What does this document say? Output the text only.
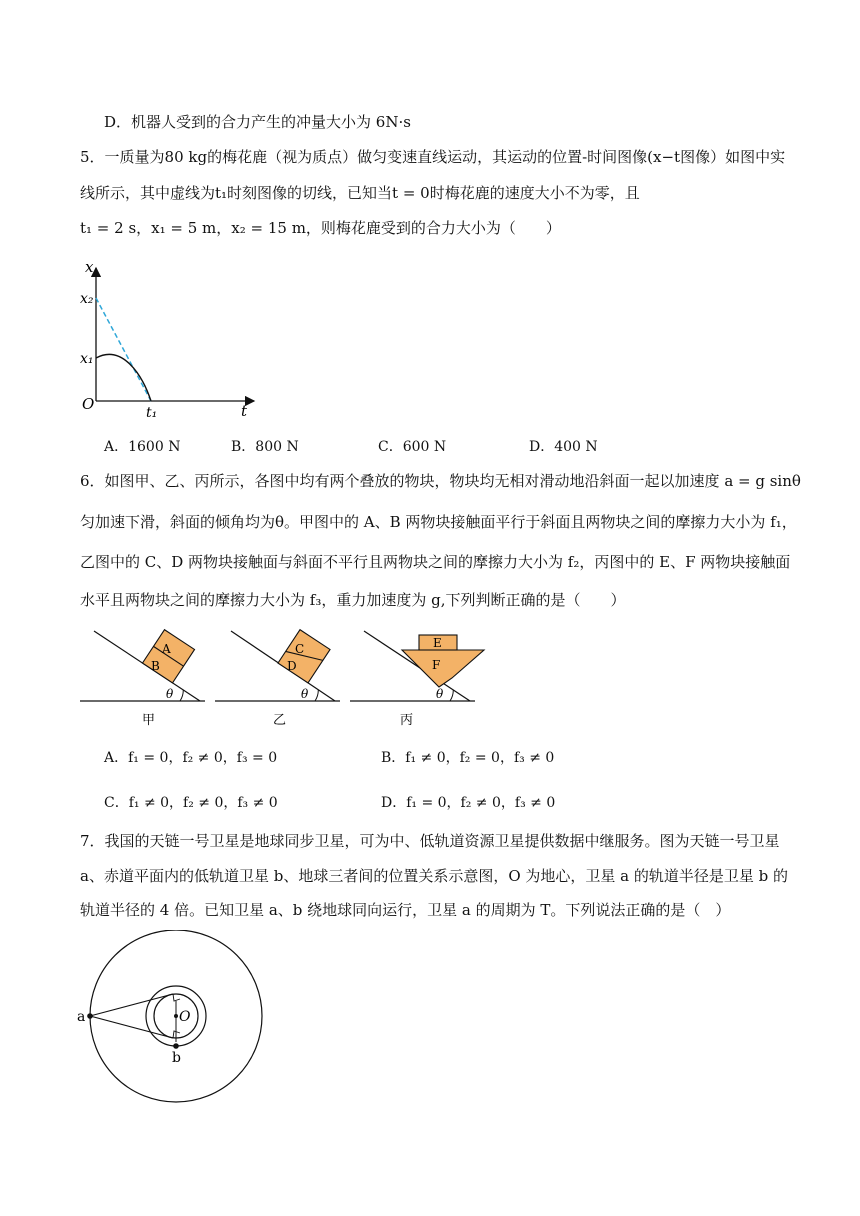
D．机器人受到的合力产生的冲量大小为 6N·s
5．一质量为80 kg的梅花鹿（视为质点）做匀变速直线运动，其运动的位置-时间图像(x−t图像）如图中实
线所示，其中虚线为t₁时刻图像的切线，已知当t = 0时梅花鹿的速度大小不为零，且
t₁ = 2 s，x₁ = 5 m，x₂ = 15 m，则梅花鹿受到的合力大小为（　　）
x
t
O
x₂
x₁
t₁
A．1600 N	B．800 N	C．600 N	D．400 N
6．如图甲、乙、丙所示，各图中均有两个叠放的物块，物块均无相对滑动地沿斜面一起以加速度 a = g sinθ
匀加速下滑，斜面的倾角均为θ。甲图中的 A、B 两物块接触面平行于斜面且两物块之间的摩擦力大小为 f₁，
乙图中的 C、D 两物块接触面与斜面不平行且两物块之间的摩擦力大小为 f₂，丙图中的 E、F 两物块接触面
水平且两物块之间的摩擦力大小为 f₃，重力加速度为 g,下列判断正确的是（　　）
A
B
θ
甲
C
D
θ
乙
E
F
θ
丙
A．f₁ = 0，f₂ ≠ 0，f₃ = 0	B．f₁ ≠ 0，f₂ = 0，f₃ ≠ 0
C．f₁ ≠ 0，f₂ ≠ 0，f₃ ≠ 0	D．f₁ = 0，f₂ ≠ 0，f₃ ≠ 0
7．我国的天链一号卫星是地球同步卫星，可为中、低轨道资源卫星提供数据中继服务。图为天链一号卫星
a、赤道平面内的低轨道卫星 b、地球三者间的位置关系示意图，O 为地心，卫星 a 的轨道半径是卫星 b 的
轨道半径的 4 倍。已知卫星 a、b 绕地球同向运行，卫星 a 的周期为 T。下列说法正确的是（　）
a
b
O
